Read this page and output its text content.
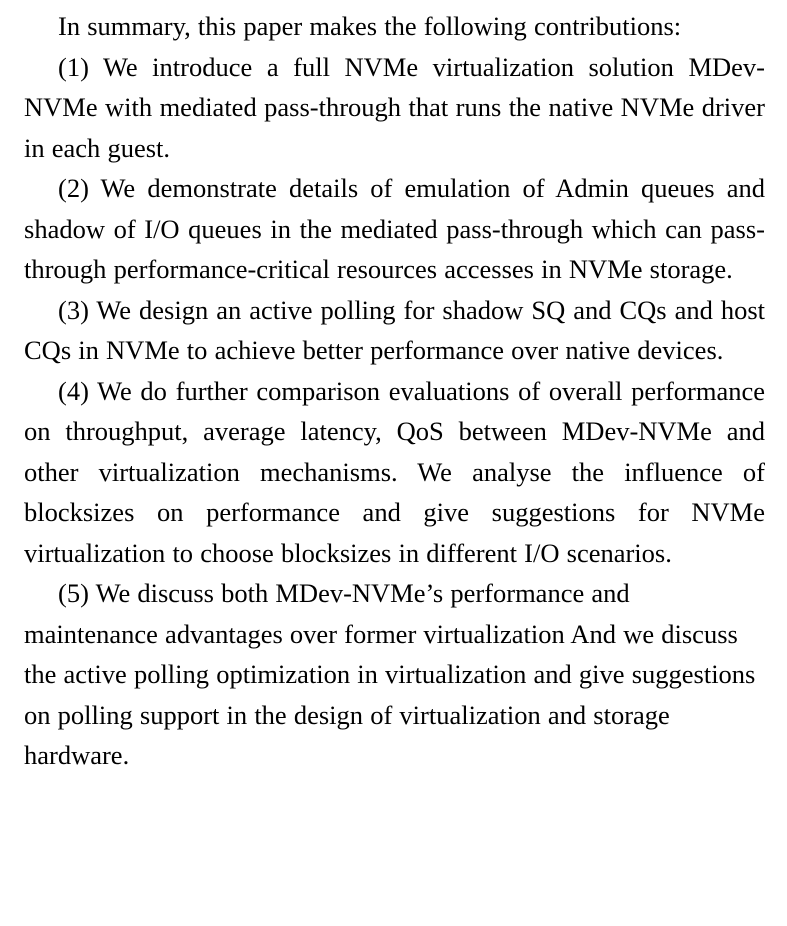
In summary, this paper makes the following contributions:

(1) We introduce a full NVMe virtualization solution MDev-NVMe with mediated pass-through that runs the native NVMe driver in each guest.

(2) We demonstrate details of emulation of Admin queues and shadow of I/O queues in the mediated pass-through which can pass-through performance-critical resources accesses in NVMe storage.

(3) We design an active polling for shadow SQ and CQs and host CQs in NVMe to achieve better performance over native devices.

(4) We do further comparison evaluations of overall performance on throughput, average latency, QoS between MDev-NVMe and other virtualization mechanisms. We analyse the influence of blocksizes on performance and give suggestions for NVMe virtualization to choose blocksizes in different I/O scenarios.

(5) We discuss both MDev-NVMe’s performance and maintenance advantages over former virtualization And we discuss the active polling optimization in virtualization and give suggestions on polling support in the design of virtualization and storage hardware.
